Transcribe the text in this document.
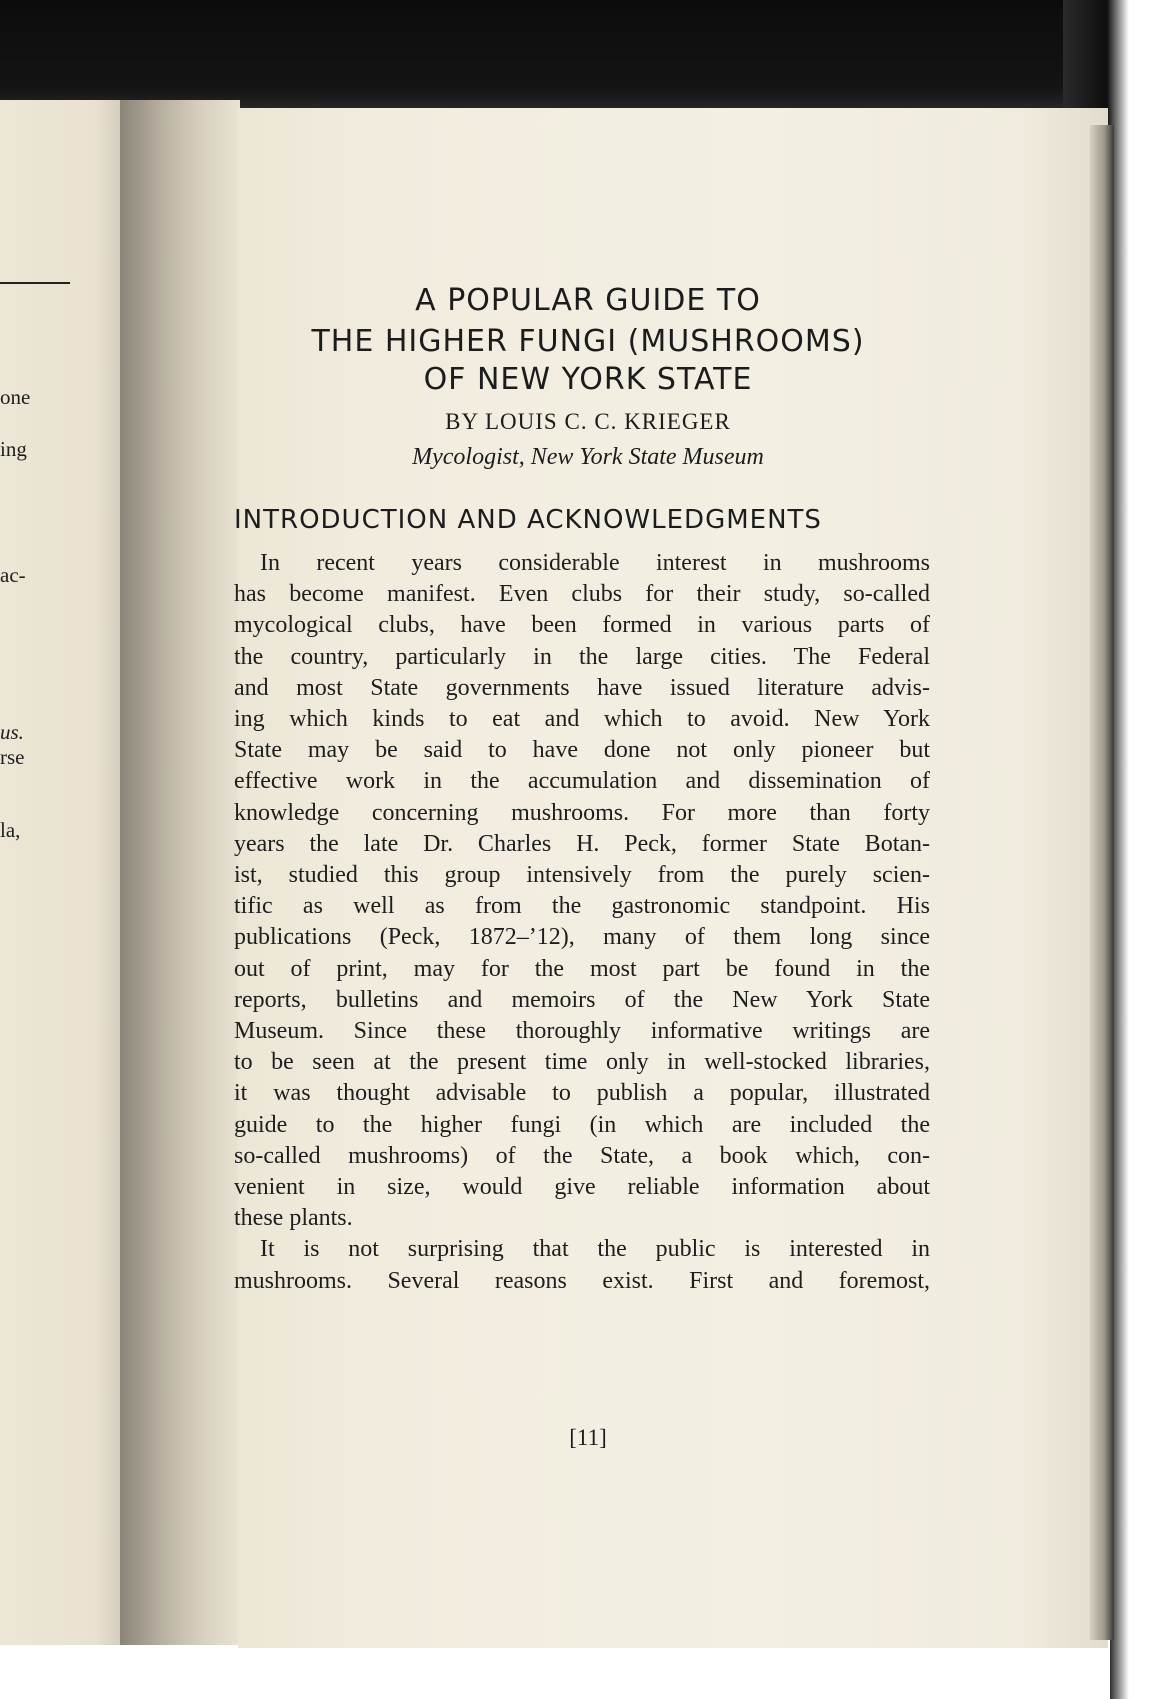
one
ing
ac-
us.
rse
la,
A POPULAR GUIDE TO
THE HIGHER FUNGI (MUSHROOMS)
OF NEW YORK STATE
BY LOUIS C. C. KRIEGER
Mycologist, New York State Museum
INTRODUCTION AND ACKNOWLEDGMENTS
In recent years considerable interest in mushrooms
has become manifest. Even clubs for their study, so-called
mycological clubs, have been formed in various parts of
the country, particularly in the large cities. The Federal
and most State governments have issued literature advis-
ing which kinds to eat and which to avoid. New York
State may be said to have done not only pioneer but
effective work in the accumulation and dissemination of
knowledge concerning mushrooms. For more than forty
years the late Dr. Charles H. Peck, former State Botan-
ist, studied this group intensively from the purely scien-
tific as well as from the gastronomic standpoint. His
publications (Peck, 1872–’12), many of them long since
out of print, may for the most part be found in the
reports, bulletins and memoirs of the New York State
Museum. Since these thoroughly informative writings are
to be seen at the present time only in well-stocked libraries,
it was thought advisable to publish a popular, illustrated
guide to the higher fungi (in which are included the
so-called mushrooms) of the State, a book which, con-
venient in size, would give reliable information about
these plants.
It is not surprising that the public is interested in
mushrooms. Several reasons exist. First and foremost,
[11]
